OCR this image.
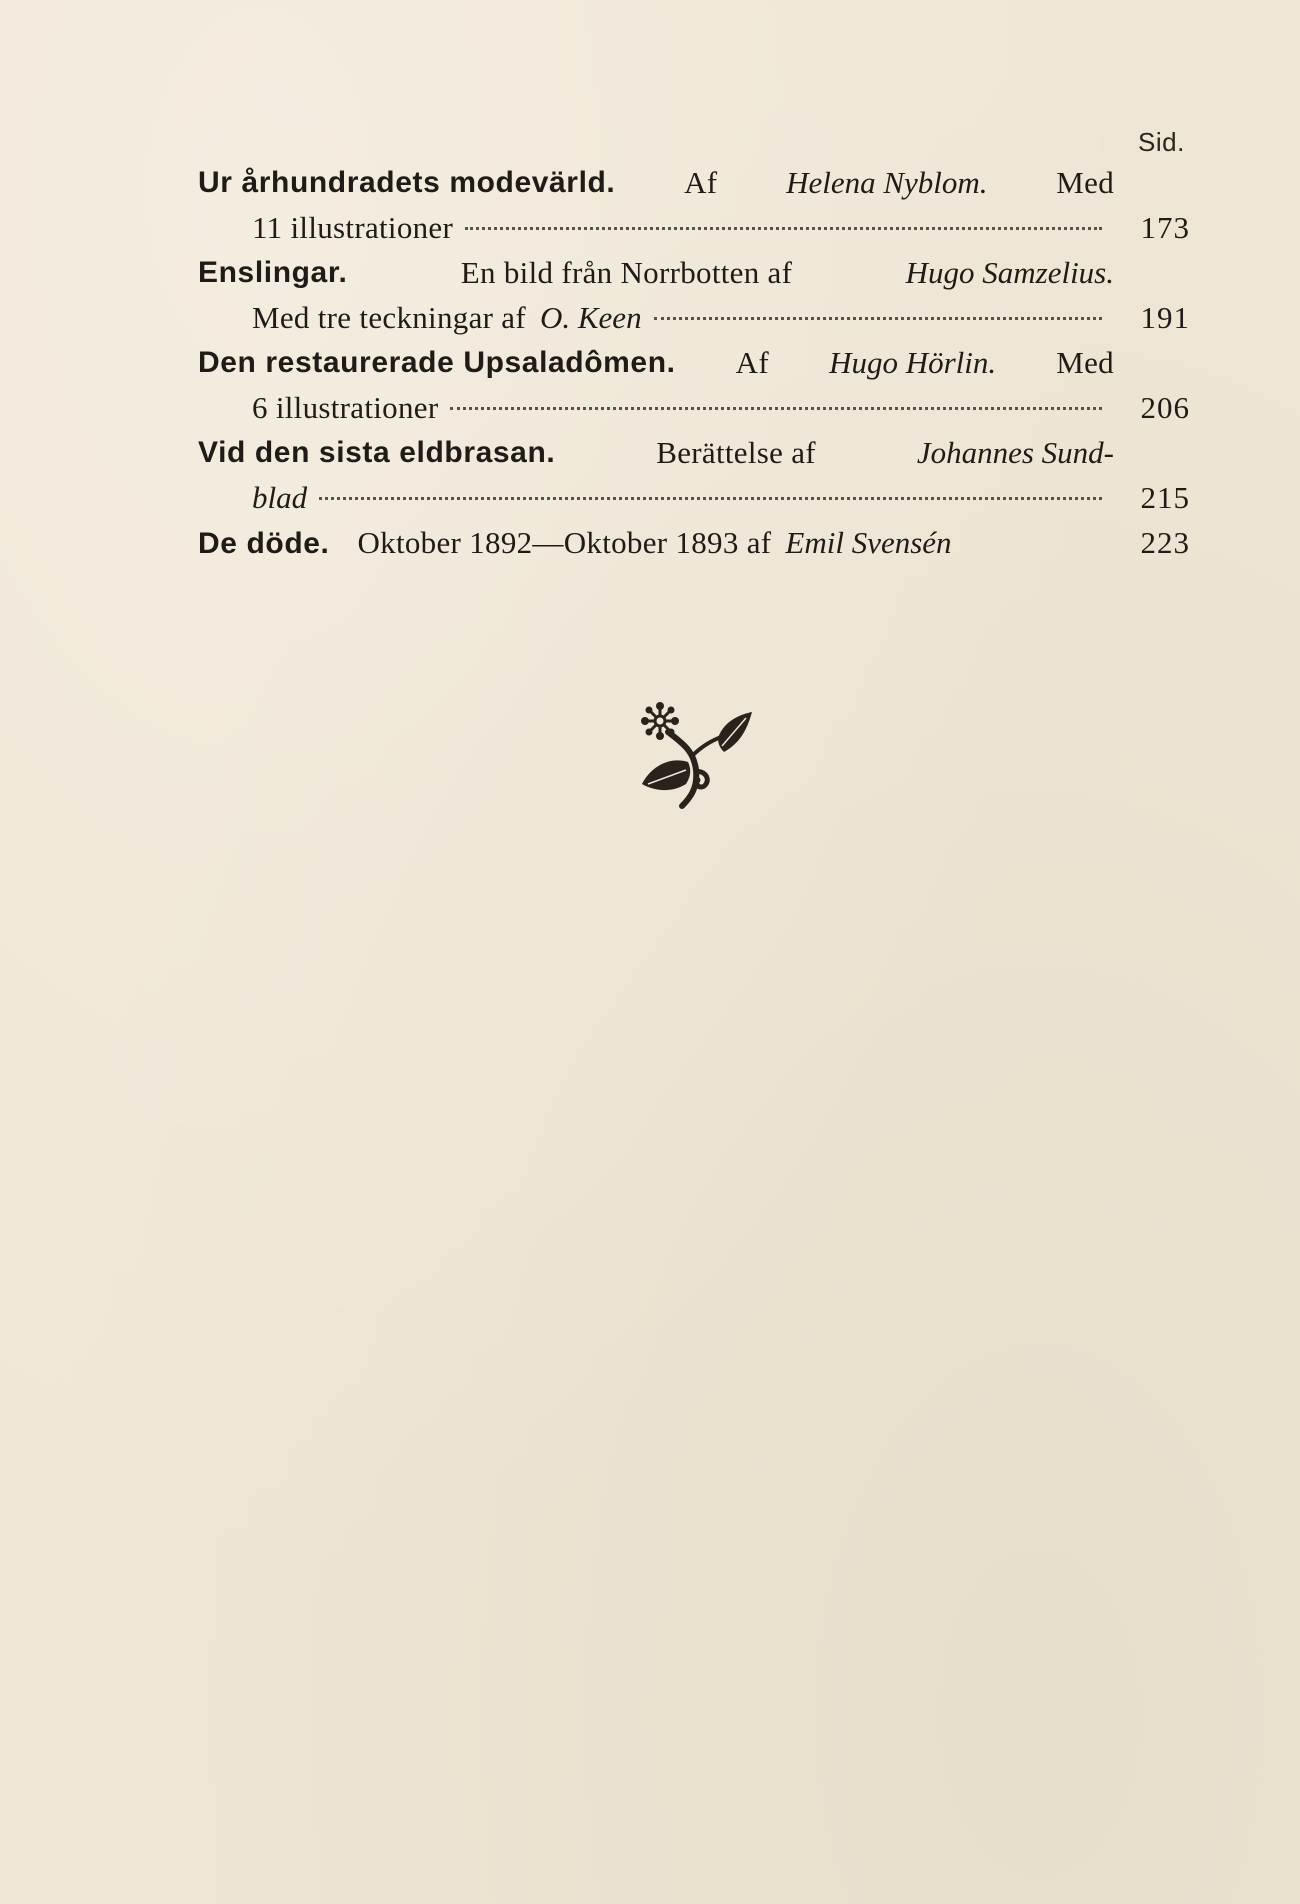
Sid.
Ur århundradets modevärld. Af Helena Nyblom. Med
11 illustrationer	173
Enslingar.	En bild från Norrbotten af	Hugo Samzelius.
Med tre teckningar af O. Keen	191
Den restaurerade Upsaladômen. Af Hugo Hörlin. Med
6 illustrationer	206
Vid den sista eldbrasan.	Berättelse af	Johannes Sund-
blad	215
De döde. Oktober 1892—Oktober 1893 af Emil Svensén	223
